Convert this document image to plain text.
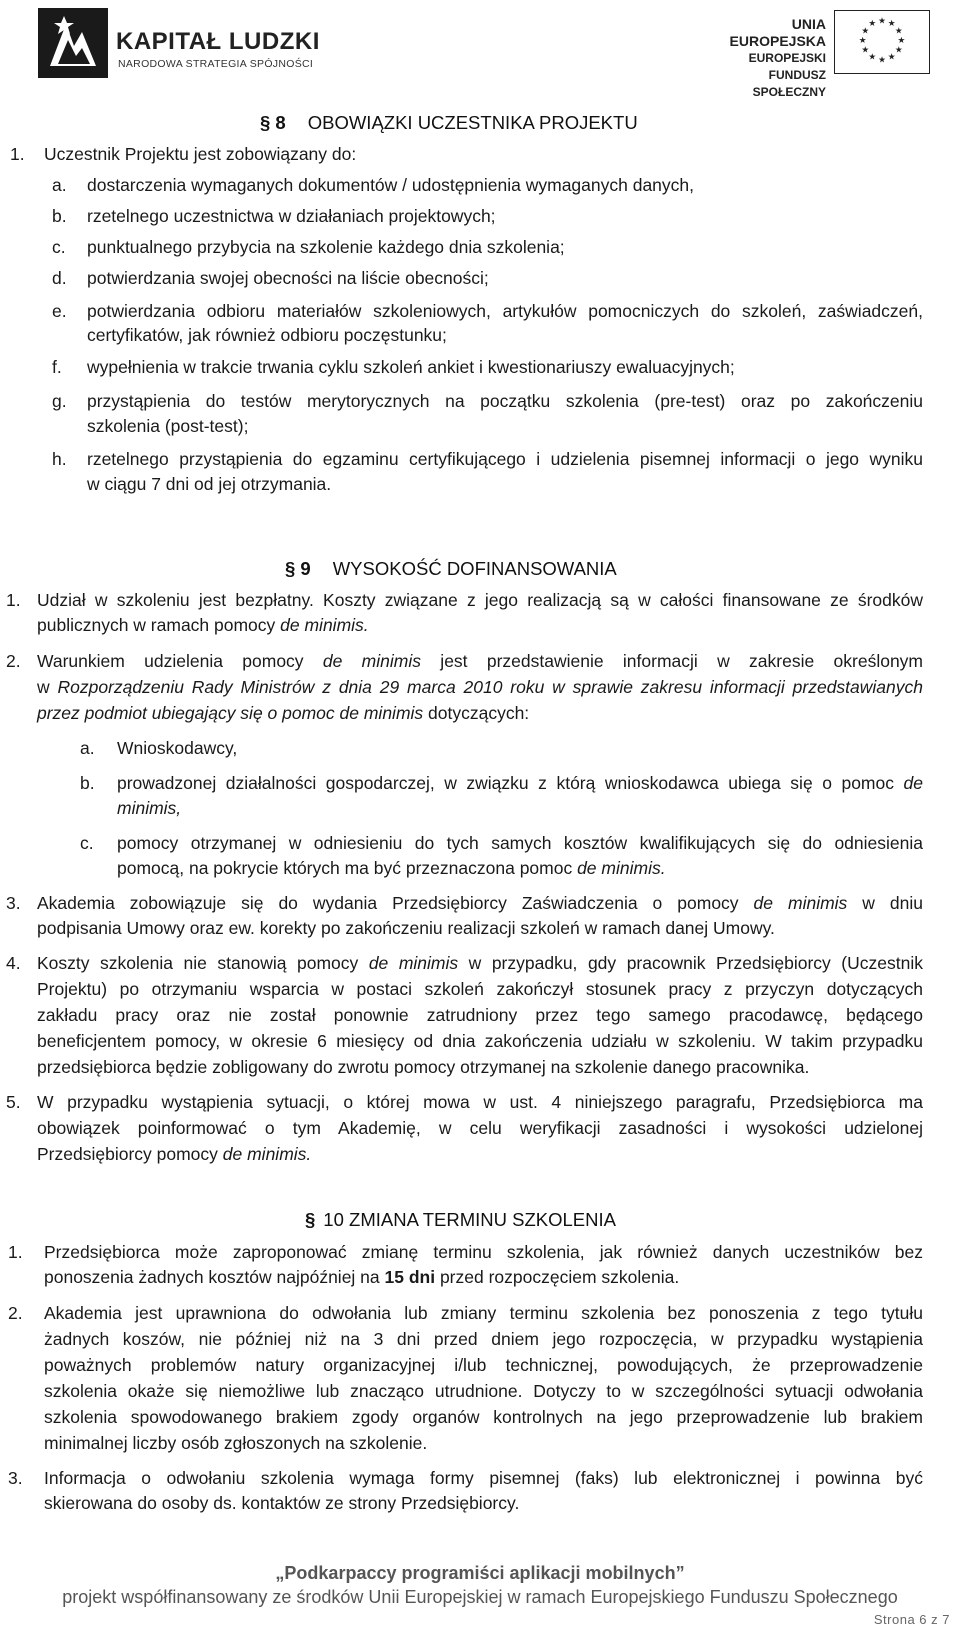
KAPITAŁ LUDZKI
NARODOWA STRATEGIA SPÓJNOŚCI
UNIA EUROPEJSKA
EUROPEJSKI
FUNDUSZ SPOŁECZNY
★ ★
★
★
★
★
★
★
★
★
★
★
§ 8 OBOWIĄZKI UCZESTNIKA PROJEKTU
1. Uczestnik Projektu jest zobowiązany do:
a. dostarczenia wymaganych dokumentów / udostępnienia wymaganych danych,
b. rzetelnego uczestnictwa w działaniach projektowych;
c. punktualnego przybycia na szkolenie każdego dnia szkolenia;
d. potwierdzania swojej obecności na liście obecności;
e. potwierdzania odbioru materiałów szkoleniowych, artykułów pomocniczych do szkoleń, zaświadczeń,
certyfikatów, jak również odbioru poczęstunku;
f. wypełnienia w trakcie trwania cyklu szkoleń ankiet i kwestionariuszy ewaluacyjnych;
g. przystąpienia do testów merytorycznych na początku szkolenia (pre-test) oraz po zakończeniu
szkolenia (post-test);
h. rzetelnego przystąpienia do egzaminu certyfikującego i udzielenia pisemnej informacji o jego wyniku
w ciągu 7 dni od jej otrzymania.
§ 9 WYSOKOŚĆ DOFINANSOWANIA
1. Udział w szkoleniu jest bezpłatny. Koszty związane z jego realizacją są w całości finansowane ze środków
publicznych w ramach pomocy de minimis.
2. Warunkiem udzielenia pomocy de minimis jest przedstawienie informacji w zakresie określonym
w Rozporządzeniu Rady Ministrów z dnia 29 marca 2010 roku w sprawie zakresu informacji przedstawianych
przez podmiot ubiegający się o pomoc de minimis dotyczących:
a. Wnioskodawcy,
b. prowadzonej działalności gospodarczej, w związku z którą wnioskodawca ubiega się o pomoc de
minimis,
c. pomocy otrzymanej w odniesieniu do tych samych kosztów kwalifikujących się do odniesienia
pomocą, na pokrycie których ma być przeznaczona pomoc de minimis.
3. Akademia zobowiązuje się do wydania Przedsiębiorcy Zaświadczenia o pomocy de minimis w dniu
podpisania Umowy oraz ew. korekty po zakończeniu realizacji szkoleń w ramach danej Umowy.
4. Koszty szkolenia nie stanowią pomocy de minimis w przypadku, gdy pracownik Przedsiębiorcy (Uczestnik
Projektu) po otrzymaniu wsparcia w postaci szkoleń zakończył stosunek pracy z przyczyn dotyczących
zakładu pracy oraz nie został ponownie zatrudniony przez tego samego pracodawcę, będącego
beneficjentem pomocy, w okresie 6 miesięcy od dnia zakończenia udziału w szkoleniu. W takim przypadku
przedsiębiorca będzie zobligowany do zwrotu pomocy otrzymanej na szkolenie danego pracownika.
5. W przypadku wystąpienia sytuacji, o której mowa w ust. 4 niniejszego paragrafu, Przedsiębiorca ma
obowiązek poinformować o tym Akademię, w celu weryfikacji zasadności i wysokości udzielonej
Przedsiębiorcy pomocy de minimis.
§ 10 ZMIANA TERMINU SZKOLENIA
1. Przedsiębiorca może zaproponować zmianę terminu szkolenia, jak również danych uczestników bez
ponoszenia żadnych kosztów najpóźniej na 15 dni przed rozpoczęciem szkolenia.
2. Akademia jest uprawniona do odwołania lub zmiany terminu szkolenia bez ponoszenia z tego tytułu
żadnych koszów, nie później niż na 3 dni przed dniem jego rozpoczęcia, w przypadku wystąpienia
poważnych problemów natury organizacyjnej i/lub technicznej, powodujących, że przeprowadzenie
szkolenia okaże się niemożliwe lub znacząco utrudnione. Dotyczy to w szczególności sytuacji odwołania
szkolenia spowodowanego brakiem zgody organów kontrolnych na jego przeprowadzenie lub brakiem
minimalnej liczby osób zgłoszonych na szkolenie.
3. Informacja o odwołaniu szkolenia wymaga formy pisemnej (faks) lub elektronicznej i powinna być
skierowana do osoby ds. kontaktów ze strony Przedsiębiorcy.
„Podkarpaccy programiści aplikacji mobilnych”
projekt współfinansowany ze środków Unii Europejskiej w ramach Europejskiego Funduszu Społecznego
Strona 6 z 7
